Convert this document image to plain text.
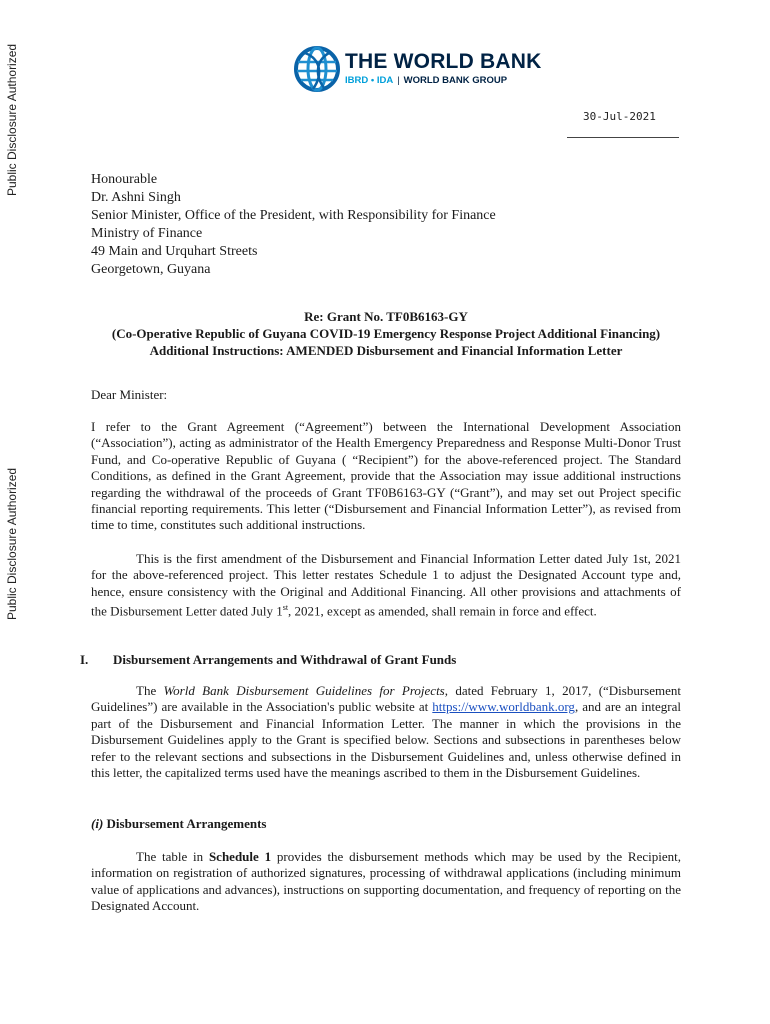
Public Disclosure Authorized
Public Disclosure Authorized
THE WORLD BANK
IBRD • IDA | WORLD BANK GROUP
30-Jul-2021
Honourable
Dr. Ashni Singh
Senior Minister, Office of the President, with Responsibility for Finance
Ministry of Finance
49 Main and Urquhart Streets
Georgetown, Guyana
Re: Grant No. TF0B6163-GY
(Co-Operative Republic of Guyana COVID-19 Emergency Response Project Additional Financing)
Additional Instructions: AMENDED Disbursement and Financial Information Letter
Dear Minister:
I refer to the Grant Agreement (“Agreement”) between the International Development Association (“Association”), acting as administrator of the Health Emergency Preparedness and Response Multi-Donor Trust Fund, and Co-operative Republic of Guyana ( “Recipient”) for the above-referenced project. The Standard Conditions, as defined in the Grant Agreement, provide that the Association may issue additional instructions regarding the withdrawal of the proceeds of Grant TF0B6163-GY (“Grant”), and may set out Project specific financial reporting requirements. This letter (“Disbursement and Financial Information Letter”), as revised from time to time, constitutes such additional instructions.
This is the first amendment of the Disbursement and Financial Information Letter dated July 1st, 2021 for the above-referenced project. This letter restates Schedule 1 to adjust the Designated Account type and, hence, ensure consistency with the Original and Additional Financing. All other provisions and attachments of the Disbursement Letter dated July 1st, 2021, except as amended, shall remain in force and effect.
I. Disbursement Arrangements and Withdrawal of Grant Funds
The World Bank Disbursement Guidelines for Projects, dated February 1, 2017, (“Disbursement Guidelines”) are available in the Association's public website at https://www.worldbank.org, and are an integral part of the Disbursement and Financial Information Letter. The manner in which the provisions in the Disbursement Guidelines apply to the Grant is specified below. Sections and subsections in parentheses below refer to the relevant sections and subsections in the Disbursement Guidelines and, unless otherwise defined in this letter, the capitalized terms used have the meanings ascribed to them in the Disbursement Guidelines.
(i) Disbursement Arrangements
The table in Schedule 1 provides the disbursement methods which may be used by the Recipient, information on registration of authorized signatures, processing of withdrawal applications (including minimum value of applications and advances), instructions on supporting documentation, and frequency of reporting on the Designated Account.
